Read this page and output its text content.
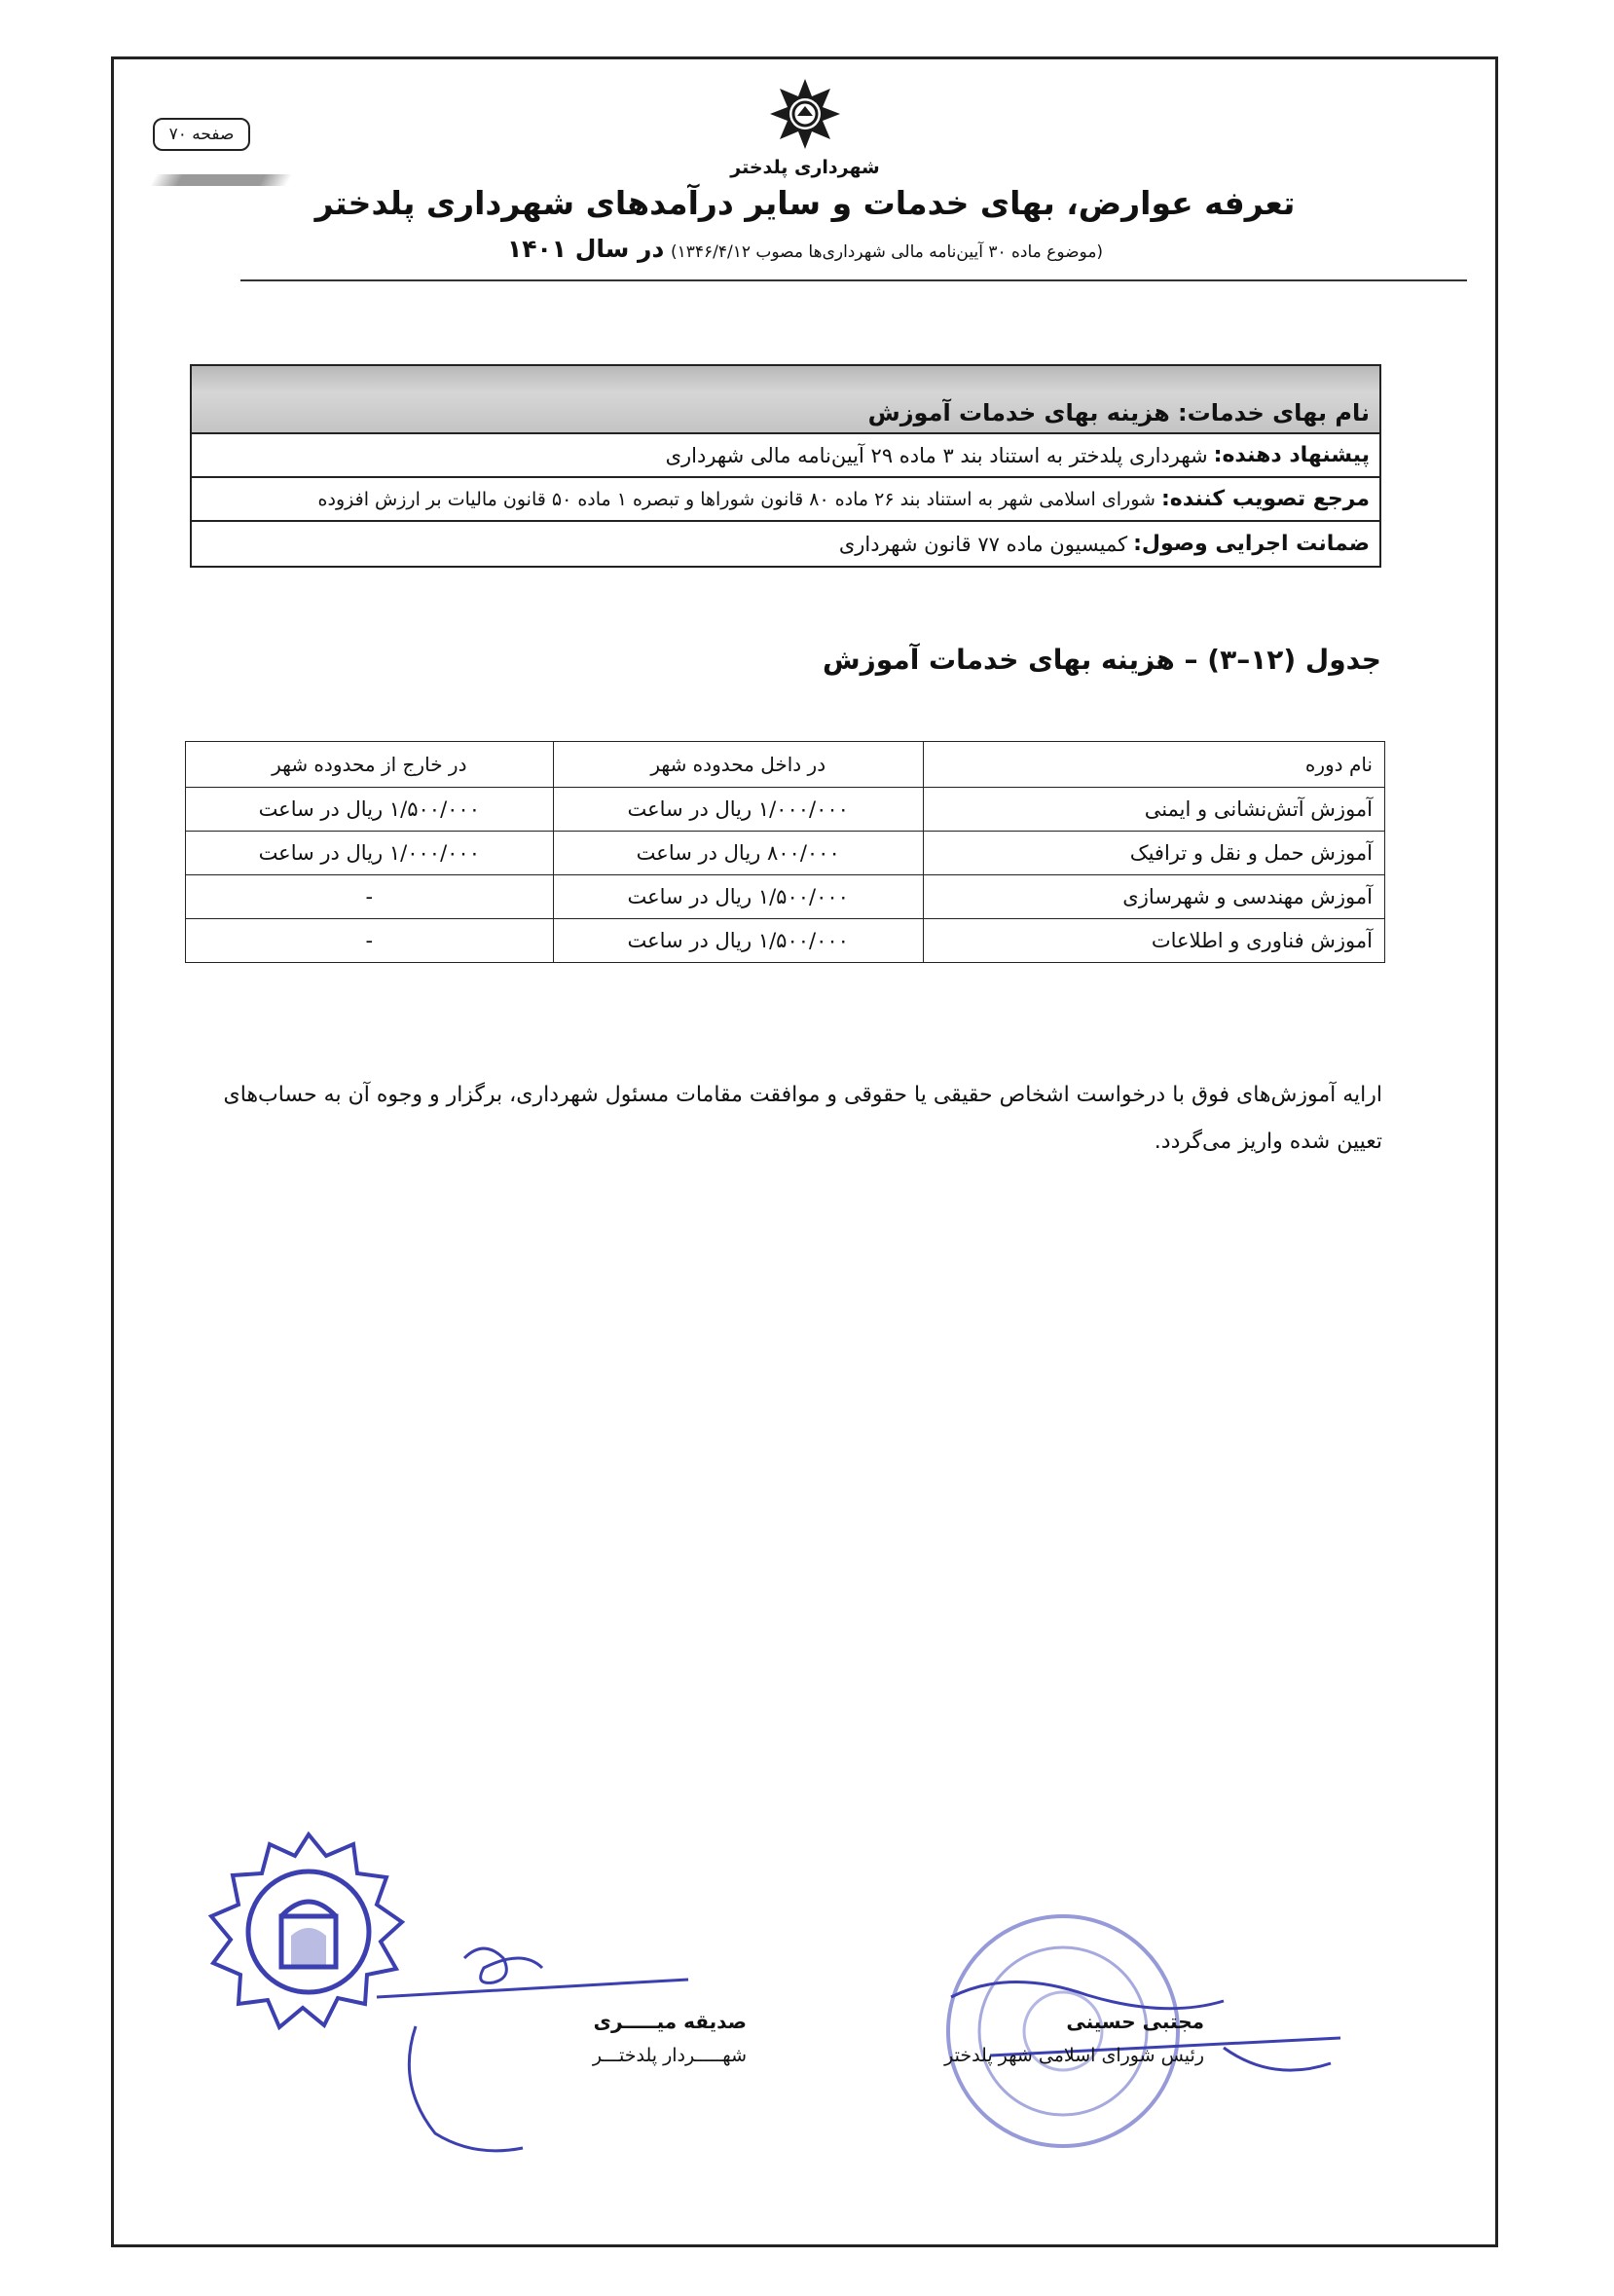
صفحه ۷۰
شهرداری پلدختر
تعرفه عوارض، بهای خدمات و سایر درآمدهای شهرداری پلدختر
(موضوع ماده ۳۰ آیین‌نامه مالی شهرداری‌ها مصوب ۱۳۴۶/۴/۱۲) در سال ۱۴۰۱
نام بهای خدمات: هزینه بهای خدمات آموزش
پیشنهاد دهنده:
شهرداری پلدختر به استناد بند ۳ ماده ۲۹ آیین‌نامه مالی شهرداری
مرجع تصویب کننده:
شورای اسلامی شهر به استناد بند ۲۶ ماده ۸۰ قانون شوراها و تبصره ۱ ماده ۵۰ قانون مالیات بر ارزش افزوده
ضمانت اجرایی وصول:
کمیسیون ماده ۷۷ قانون شهرداری
جدول (۱۲–۳) – هزینه بهای خدمات آموزش
نام دوره	در داخل محدوده شهر	در خارج از محدوده شهر
آموزش آتش‌نشانی و ایمنی	۱/۰۰۰/۰۰۰ ریال در ساعت	۱/۵۰۰/۰۰۰ ریال در ساعت
آموزش حمل و نقل و ترافیک	۸۰۰/۰۰۰ ریال در ساعت	۱/۰۰۰/۰۰۰ ریال در ساعت
آموزش مهندسی و شهرسازی	۱/۵۰۰/۰۰۰ ریال در ساعت	-
آموزش فناوری و اطلاعات	۱/۵۰۰/۰۰۰ ریال در ساعت	-
ارایه آموزش‌های فوق با درخواست اشخاص حقیقی یا حقوقی و موافقت مقامات مسئول شهرداری، برگزار و وجوه آن به حساب‌های تعیین شده واریز می‌گردد.
صدیقه میـــــری
شهـــــردار پلدختـــر
مجتبی حسینی
رئیس شورای اسلامی شهر پلدختر
